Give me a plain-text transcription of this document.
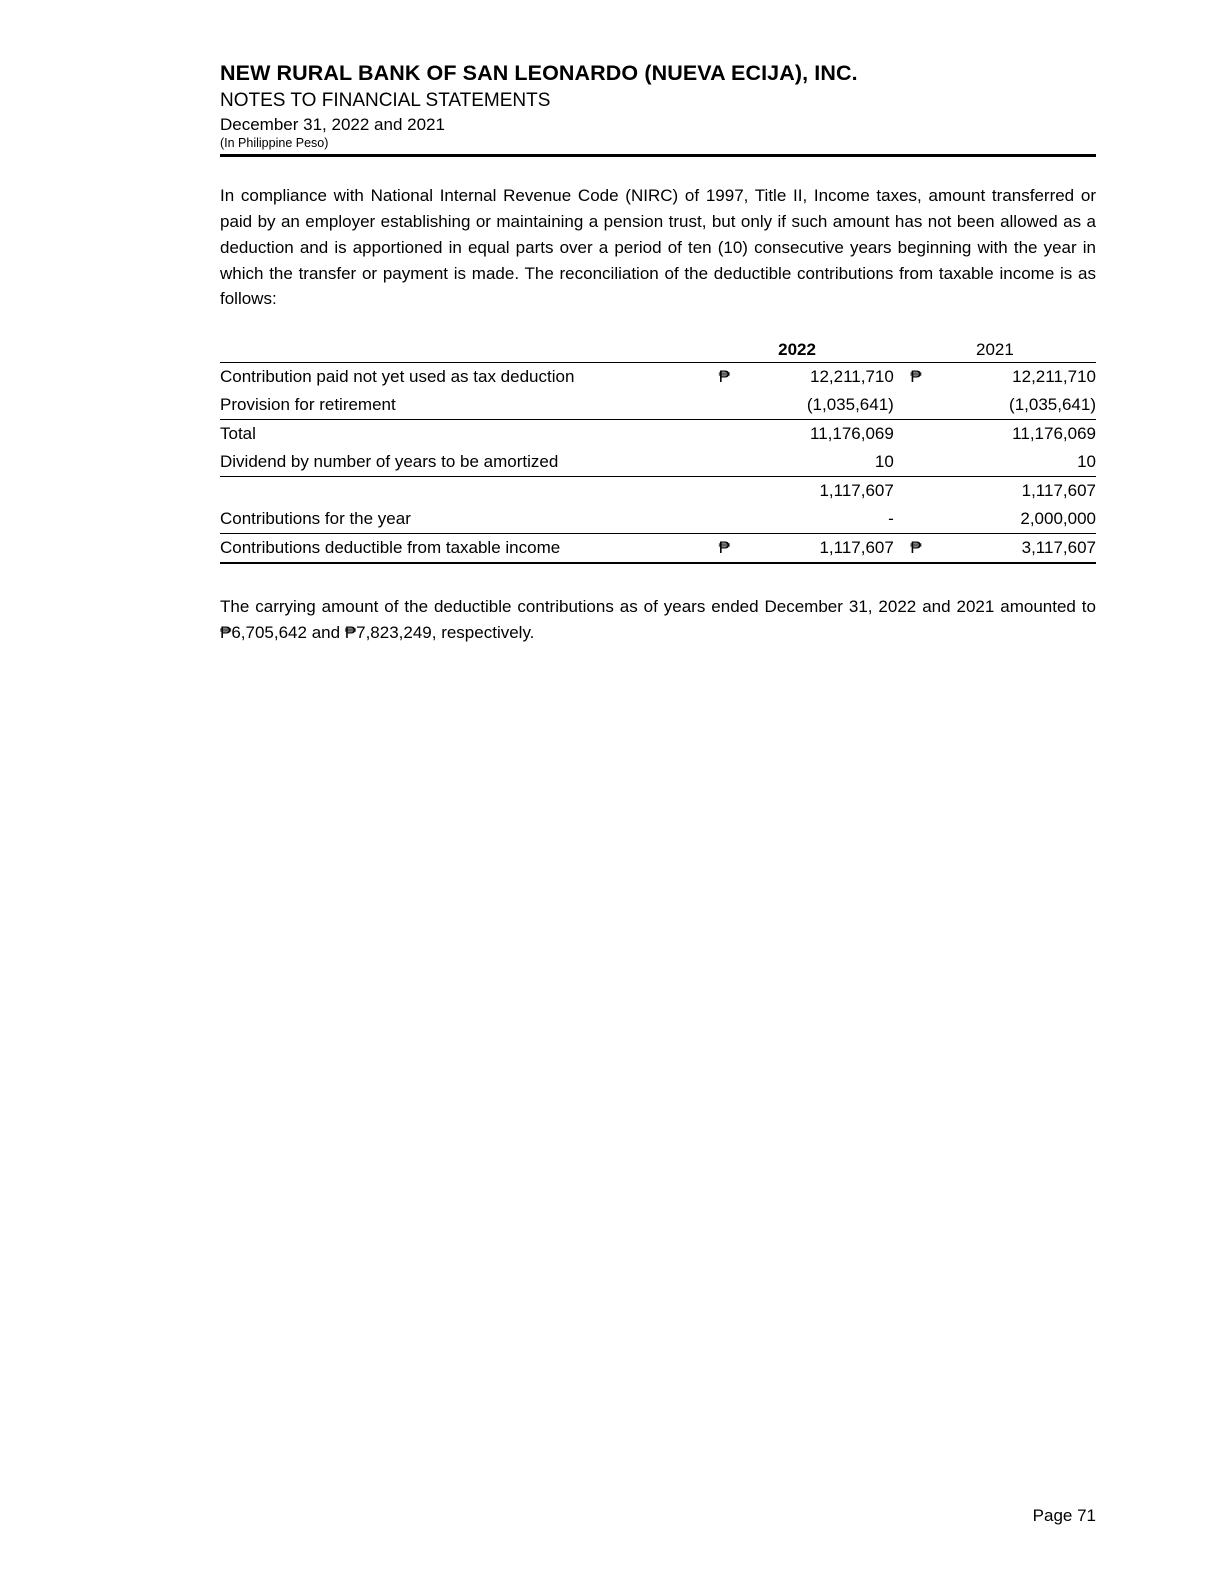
NEW RURAL BANK OF SAN LEONARDO (NUEVA ECIJA), INC.
NOTES TO FINANCIAL STATEMENTS
December 31, 2022 and 2021
(In Philippine Peso)

In compliance with National Internal Revenue Code (NIRC) of 1997, Title II, Income taxes, amount transferred or paid by an employer establishing or maintaining a pension trust, but only if such amount has not been allowed as a deduction and is apportioned in equal parts over a period of ten (10) consecutive years beginning with the year in which the transfer or payment is made. The reconciliation of the deductible contributions from taxable income is as follows:

	2022		2021	
Contribution paid not yet used as tax deduction	₱	12,211,710	₱	12,211,710
Provision for retirement		(1,035,641)		(1,035,641)
Total		11,176,069		11,176,069
Dividend by number of years to be amortized		10		10
		1,117,607		1,117,607
Contributions for the year		-		2,000,000
Contributions deductible from taxable income	₱	1,117,607	₱	3,117,607

The carrying amount of the deductible contributions as of years ended December 31, 2022 and 2021 amounted to ₱6,705,642 and ₱7,823,249, respectively.

Page 71
